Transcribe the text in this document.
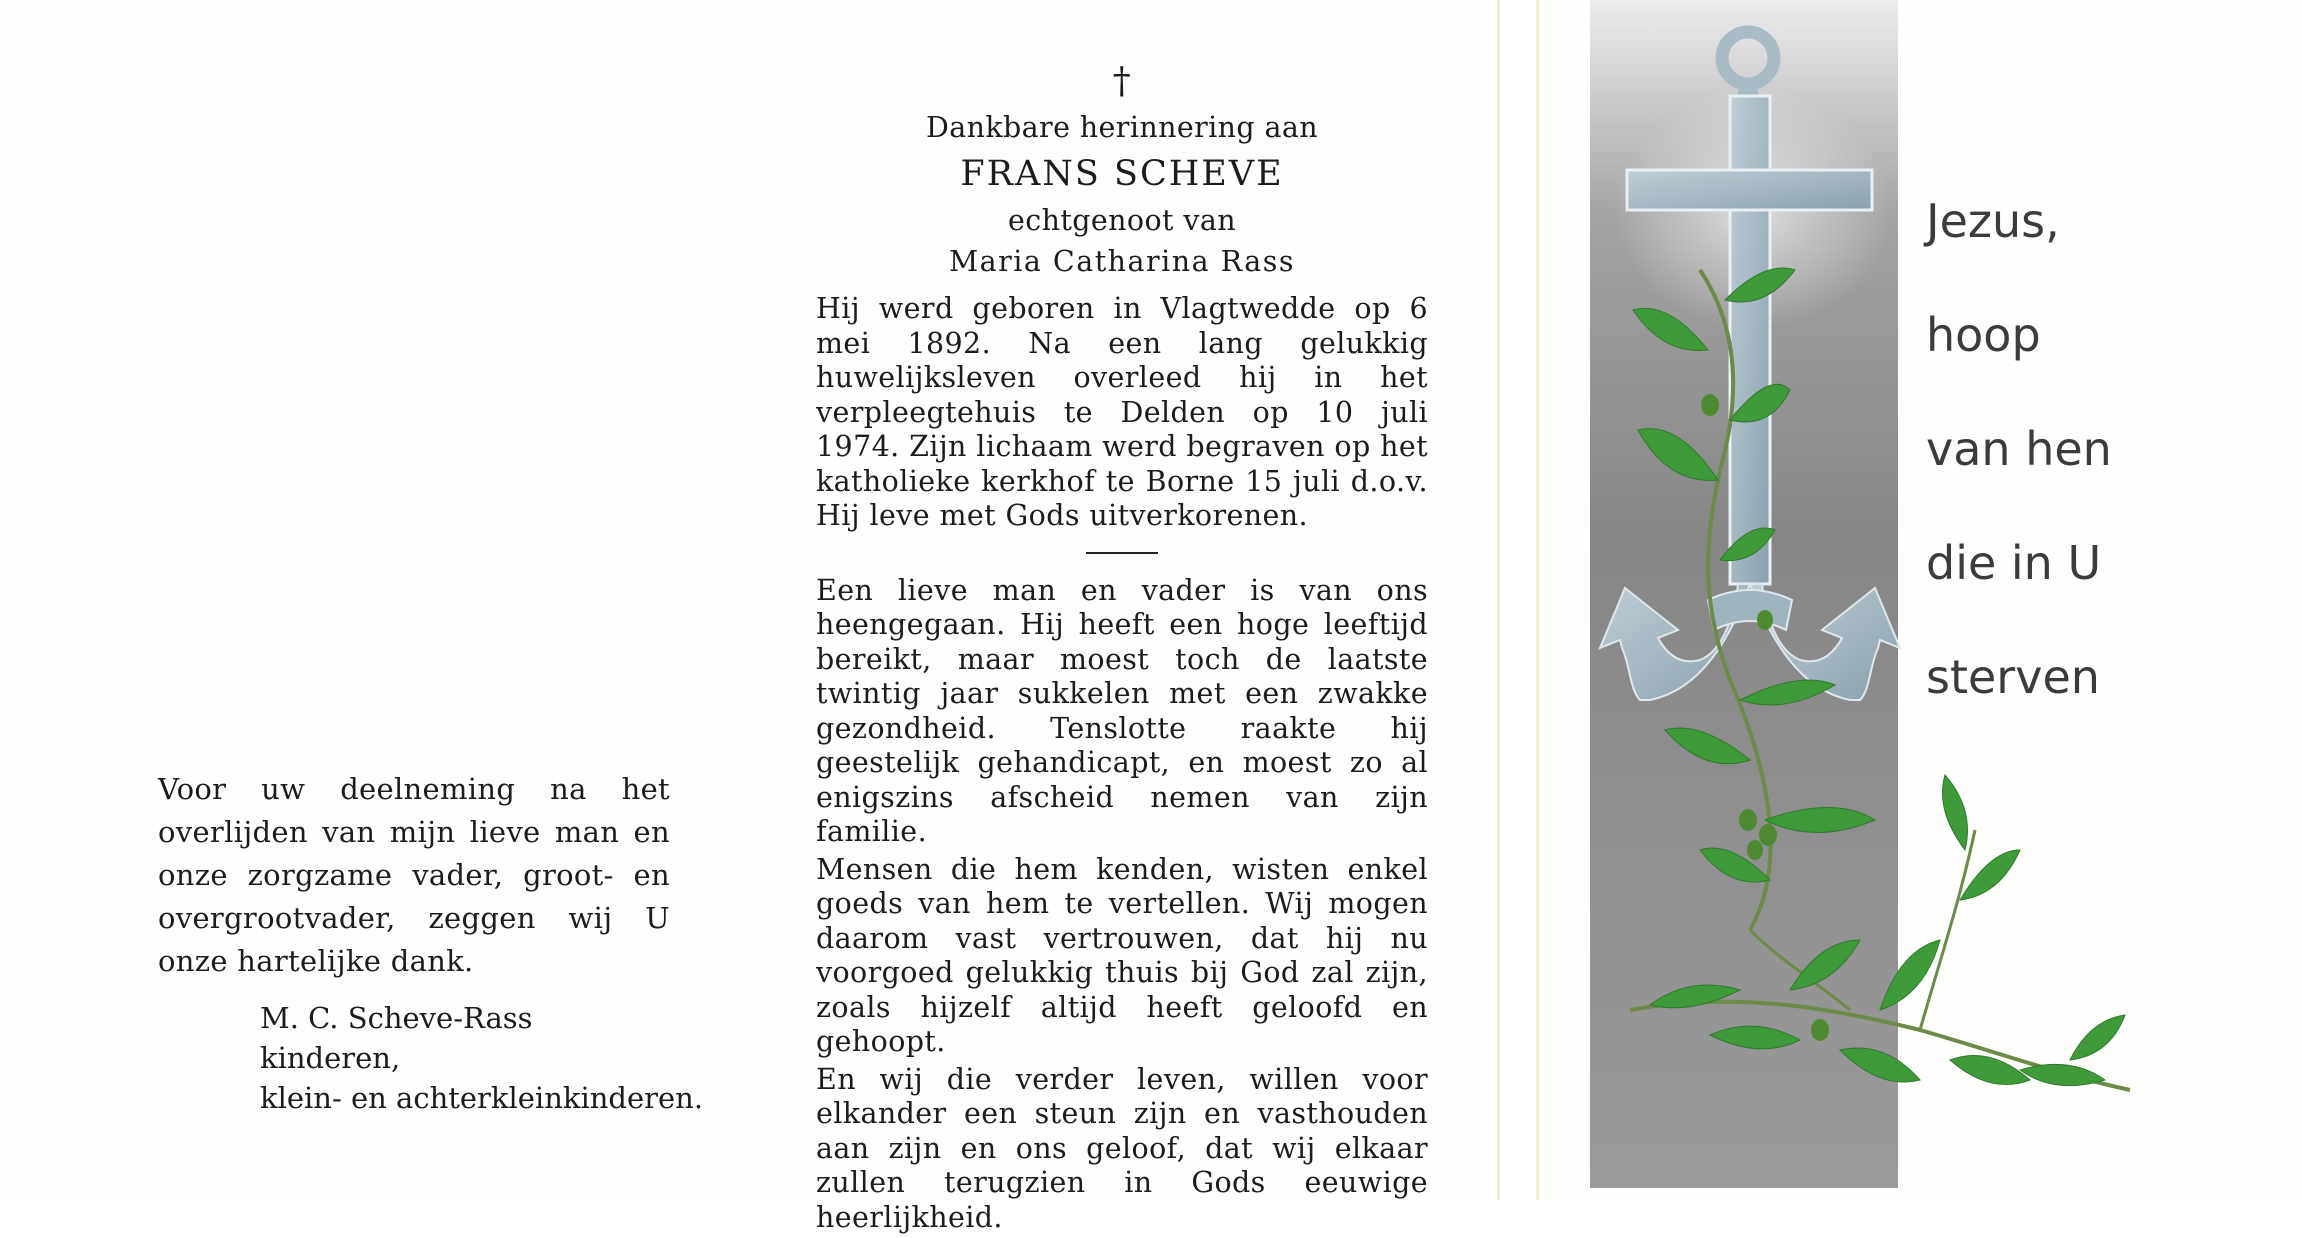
Voor uw deelneming na het overlijden van mijn lieve man en onze zorgzame vader, groot- en overgrootvader, zeggen wij U onze hartelijke dank.
M. C. Scheve-Rass
kinderen,
klein- en achterkleinkinderen.
†
Dankbare herinnering aan
FRANS SCHEVE
echtgenoot van
Maria Catharina Rass
Hij werd geboren in Vlagtwedde op 6 mei 1892. Na een lang gelukkig huwelijksleven overleed hij in het verpleegtehuis te Delden op 10 juli 1974. Zijn lichaam werd begraven op het katholieke kerkhof te Borne 15 juli d.o.v. Hij leve met Gods uitverkorenen.
Een lieve man en vader is van ons heengegaan. Hij heeft een hoge leeftijd bereikt, maar moest toch de laatste twintig jaar sukkelen met een zwakke gezondheid. Tenslotte raakte hij geestelijk gehandicapt, en moest zo al enigszins afscheid nemen van zijn familie.
Mensen die hem kenden, wisten enkel goeds van hem te vertellen. Wij mogen daarom vast vertrouwen, dat hij nu voorgoed gelukkig thuis bij God zal zijn, zoals hijzelf altijd heeft geloofd en gehoopt.
En wij die verder leven, willen voor elkander een steun zijn en vasthouden aan zijn en ons geloof, dat wij elkaar zullen terugzien in Gods eeuwige heerlijkheid.
Jezus,
hoop
van hen
die in U
sterven
